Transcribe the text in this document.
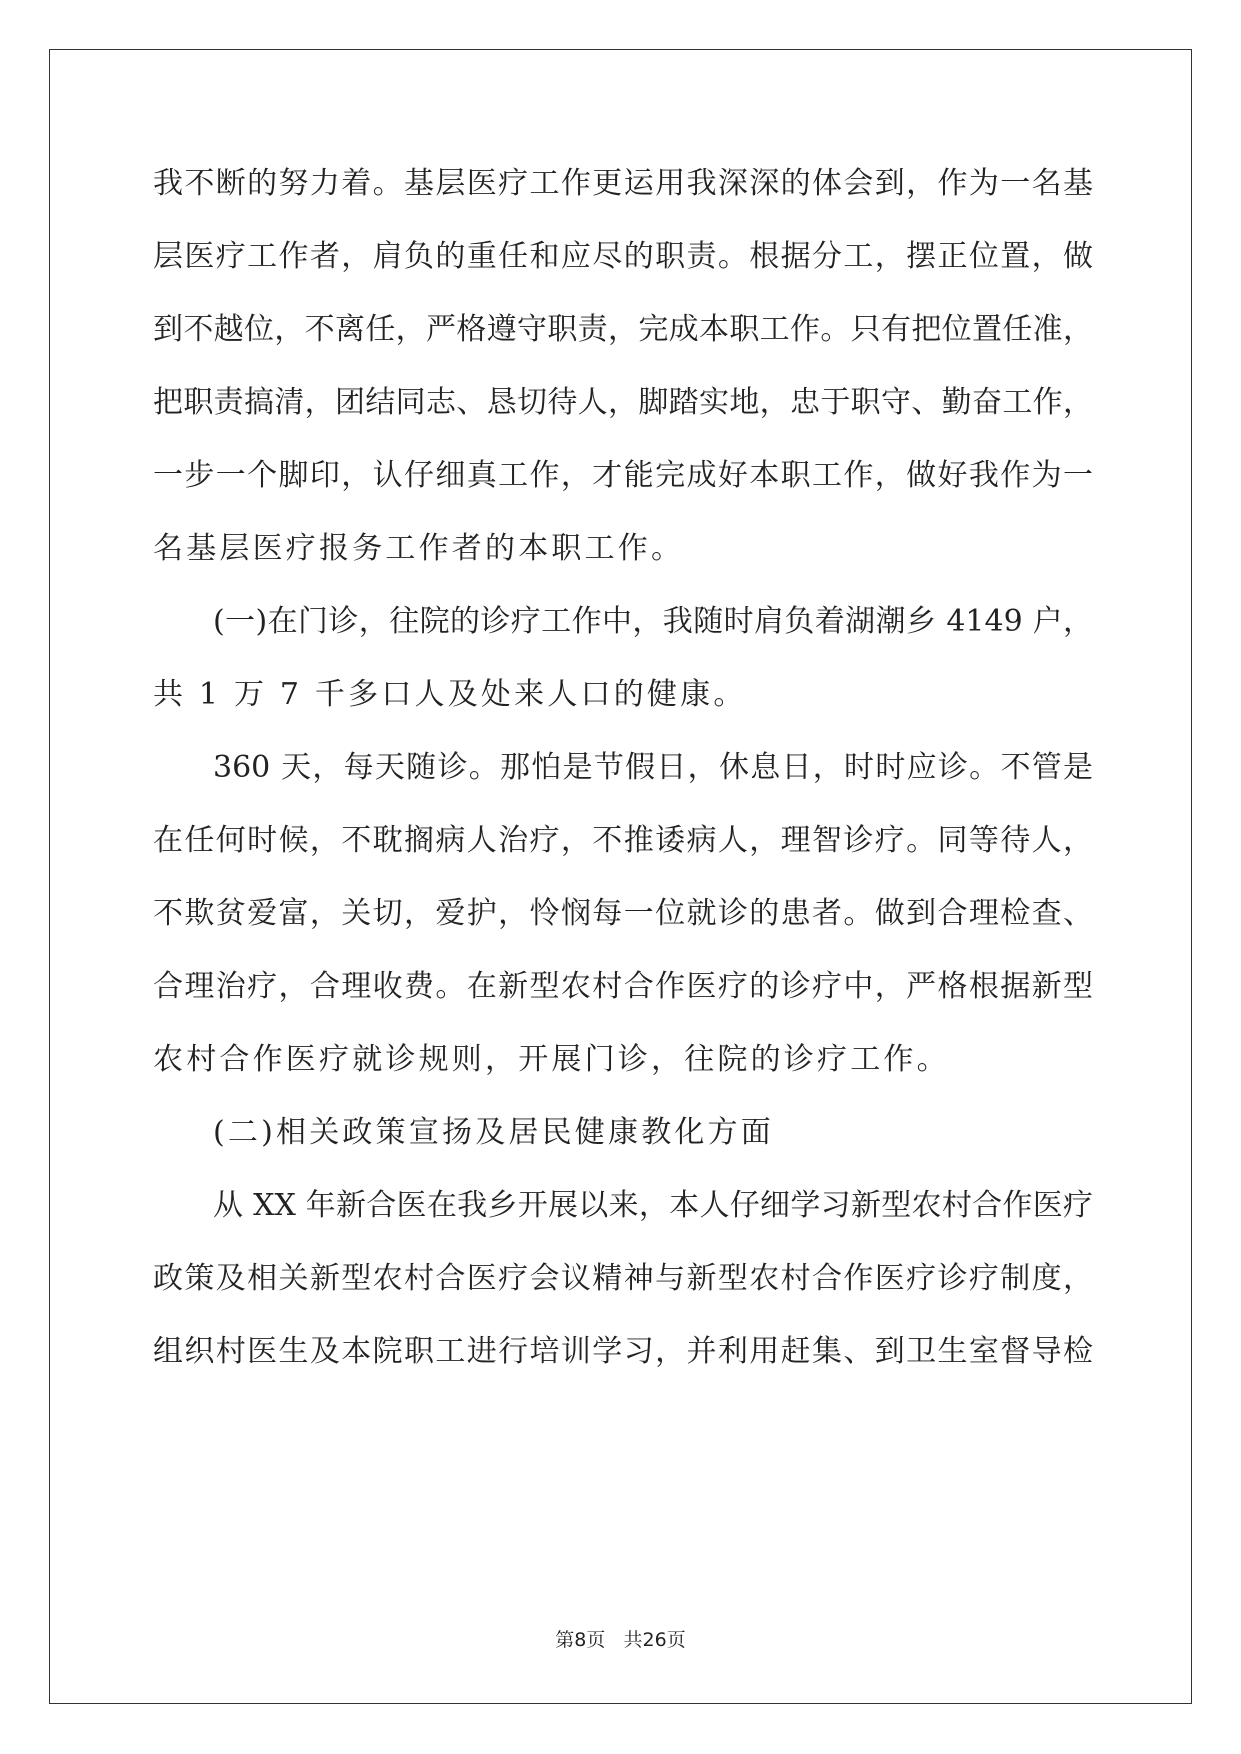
我不断的努力着。基层医疗工作更运用我深深的体会到，作为一名基
层医疗工作者，肩负的重任和应尽的职责。根据分工，摆正位置，做
到不越位，不离任，严格遵守职责，完成本职工作。只有把位置任准，
把职责搞清，团结同志、恳切待人，脚踏实地，忠于职守、勤奋工作，
一步一个脚印，认仔细真工作，才能完成好本职工作，做好我作为一
名基层医疗报务工作者的本职工作。
(一)在门诊，往院的诊疗工作中，我随时肩负着湖潮乡 4149 户，
共 1 万 7 千多口人及处来人口的健康。
360 天，每天随诊。那怕是节假日，休息日，时时应诊。不管是
在任何时候，不耽搁病人治疗，不推诿病人，理智诊疗。同等待人，
不欺贫爱富，关切，爱护，怜悯每一位就诊的患者。做到合理检查、
合理治疗，合理收费。在新型农村合作医疗的诊疗中，严格根据新型
农村合作医疗就诊规则，开展门诊，往院的诊疗工作。
(二)相关政策宣扬及居民健康教化方面
从 XX 年新合医在我乡开展以来，本人仔细学习新型农村合作医疗
政策及相关新型农村合医疗会议精神与新型农村合作医疗诊疗制度，
组织村医生及本院职工进行培训学习，并利用赶集、到卫生室督导检
第8页   共26页
